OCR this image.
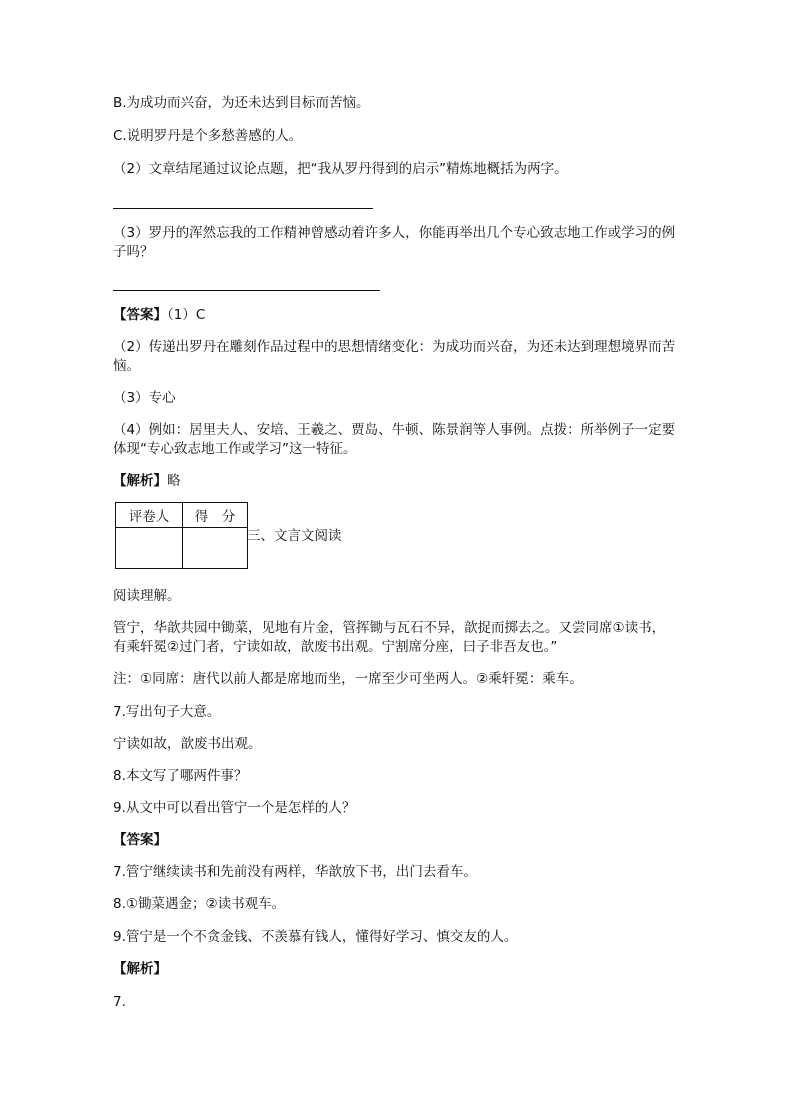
B.为成功而兴奋，为还未达到目标而苦恼。
C.说明罗丹是个多愁善感的人。
（2）文章结尾通过议论点题，把“我从罗丹得到的启示”精炼地概括为两字。
（3）罗丹的浑然忘我的工作精神曾感动着许多人，你能再举出几个专心致志地工作或学习的例子吗？
【答案】（1）C
（2）传递出罗丹在雕刻作品过程中的思想情绪变化：为成功而兴奋，为还未达到理想境界而苦恼。
（3）专心
（4）例如：居里夫人、安培、王羲之、贾岛、牛顿、陈景润等人事例。点拨：所举例子一定要体现“专心致志地工作或学习”这一特征。
【解析】略
评卷人	得　分

三、文言文阅读
阅读理解。
管宁，华歆共园中锄菜，见地有片金，管挥锄与瓦石不异，歆捉而掷去之。又尝同席①读书，有乘轩冕②过门者，宁读如故，歆废书出观。宁割席分座，曰子非吾友也。”
注：①同席：唐代以前人都是席地而坐，一席至少可坐两人。②乘轩冕：乘车。
7.写出句子大意。
宁读如故，歆废书出观。
8.本文写了哪两件事？
9.从文中可以看出管宁一个是怎样的人？
【答案】
7.管宁继续读书和先前没有两样，华歆放下书，出门去看车。
8.①锄菜遇金；②读书观车。
9.管宁是一个不贪金钱、不羡慕有钱人，懂得好学习、慎交友的人。
【解析】
7.
